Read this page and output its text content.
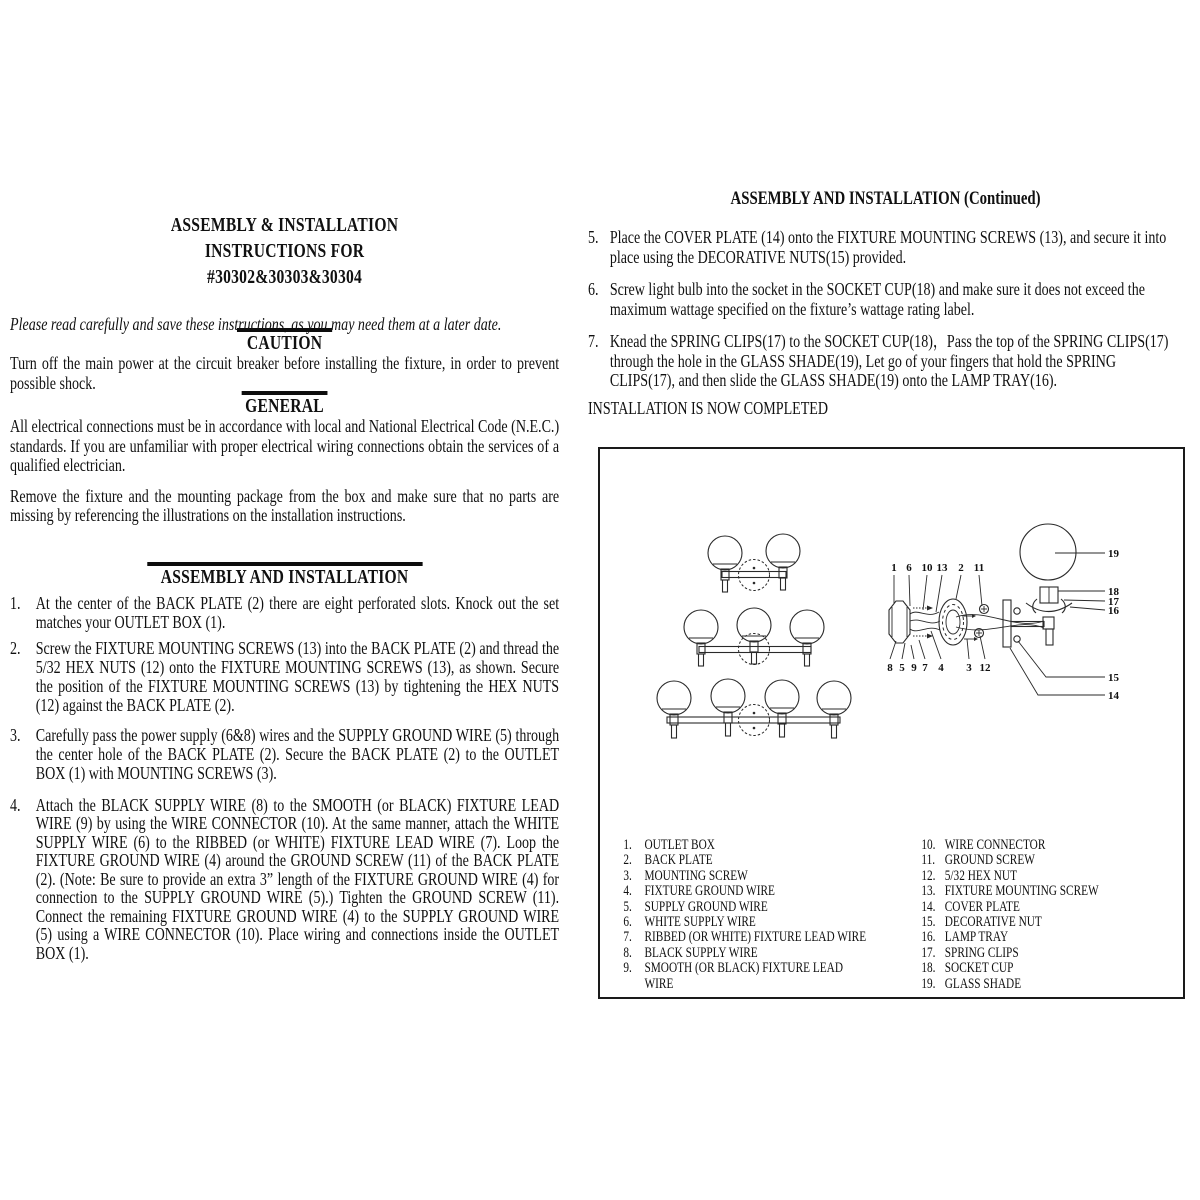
ASSEMBLY & INSTALLATION
INSTRUCTIONS FOR
#30302&30303&30304

Please read carefully and save these instructions, as you may need them at a later date.

CAUTION

Turn off the main power at the circuit breaker before installing the fixture, in order to prevent possible shock.

GENERAL

All electrical connections must be in accordance with local and National Electrical Code (N.E.C.) standards. If you are unfamiliar with proper electrical wiring connections obtain the services of a qualified electrician.

Remove the fixture and the mounting package from the box and make sure that no parts are missing by referencing the illustrations on the installation instructions.

ASSEMBLY AND INSTALLATION
1. At the center of the BACK PLATE (2) there are eight perforated slots. Knock out the set matches your OUTLET BOX (1).
2. Screw the FIXTURE MOUNTING SCREWS (13) into the BACK PLATE (2) and thread the 5/32 HEX NUTS (12) onto the FIXTURE MOUNTING SCREWS (13), as shown. Secure the position of the FIXTURE MOUNTING SCREWS (13) by tightening the HEX NUTS (12) against the BACK PLATE (2).
3. Carefully pass the power supply (6&8) wires and the SUPPLY GROUND WIRE (5) through the center hole of the BACK PLATE (2). Secure the BACK PLATE (2) to the OUTLET BOX (1) with MOUNTING SCREWS (3).
4. Attach the BLACK SUPPLY WIRE (8) to the SMOOTH (or BLACK) FIXTURE LEAD WIRE (9) by using the WIRE CONNECTOR (10). At the same manner, attach the WHITE SUPPLY WIRE (6) to the RIBBED (or WHITE) FIXTURE LEAD WIRE (7). Loop the FIXTURE GROUND WIRE (4) around the GROUND SCREW (11) of the BACK PLATE (2). (Note: Be sure to provide an extra 3” length of the FIXTURE GROUND WIRE (4) for connection to the SUPPLY GROUND WIRE (5).) Tighten the GROUND SCREW (11). Connect the remaining FIXTURE GROUND WIRE (4) to the SUPPLY GROUND WIRE (5) using a WIRE CONNECTOR (10). Place wiring and connections inside the OUTLET BOX (1).
ASSEMBLY AND INSTALLATION (Continued)
5. Place the COVER PLATE (14) onto the FIXTURE MOUNTING SCREWS (13), and secure it into place using the DECORATIVE NUTS(15) provided.
6. Screw light bulb into the socket in the SOCKET CUP(18) and make sure it does not exceed the maximum wattage specified on the fixture’s wattage rating label.
7. Knead the SPRING CLIPS(17) to the SOCKET CUP(18)，Pass the top of the SPRING CLIPS(17) through the hole in the GLASS SHADE(19), Let go of your fingers that hold the SPRING CLIPS(17), and then slide the GLASS SHADE(19) onto the LAMP TRAY(16).

INSTALLATION IS NOW COMPLETED

1 6 10 13 2 11
8 5 9 7 4 3 12
19
18
17
16
15
14
1. OUTLET BOX
2. BACK PLATE
3. MOUNTING SCREW
4. FIXTURE GROUND WIRE
5. SUPPLY GROUND WIRE
6. WHITE SUPPLY WIRE
7. RIBBED (OR WHITE) FIXTURE LEAD WIRE
8. BLACK SUPPLY WIRE
9. SMOOTH (OR BLACK) FIXTURE LEAD WIRE
10. WIRE CONNECTOR
11. GROUND SCREW
12. 5/32 HEX NUT
13. FIXTURE MOUNTING SCREW
14. COVER PLATE
15. DECORATIVE NUT
16. LAMP TRAY
17. SPRING CLIPS
18. SOCKET CUP
19. GLASS SHADE
